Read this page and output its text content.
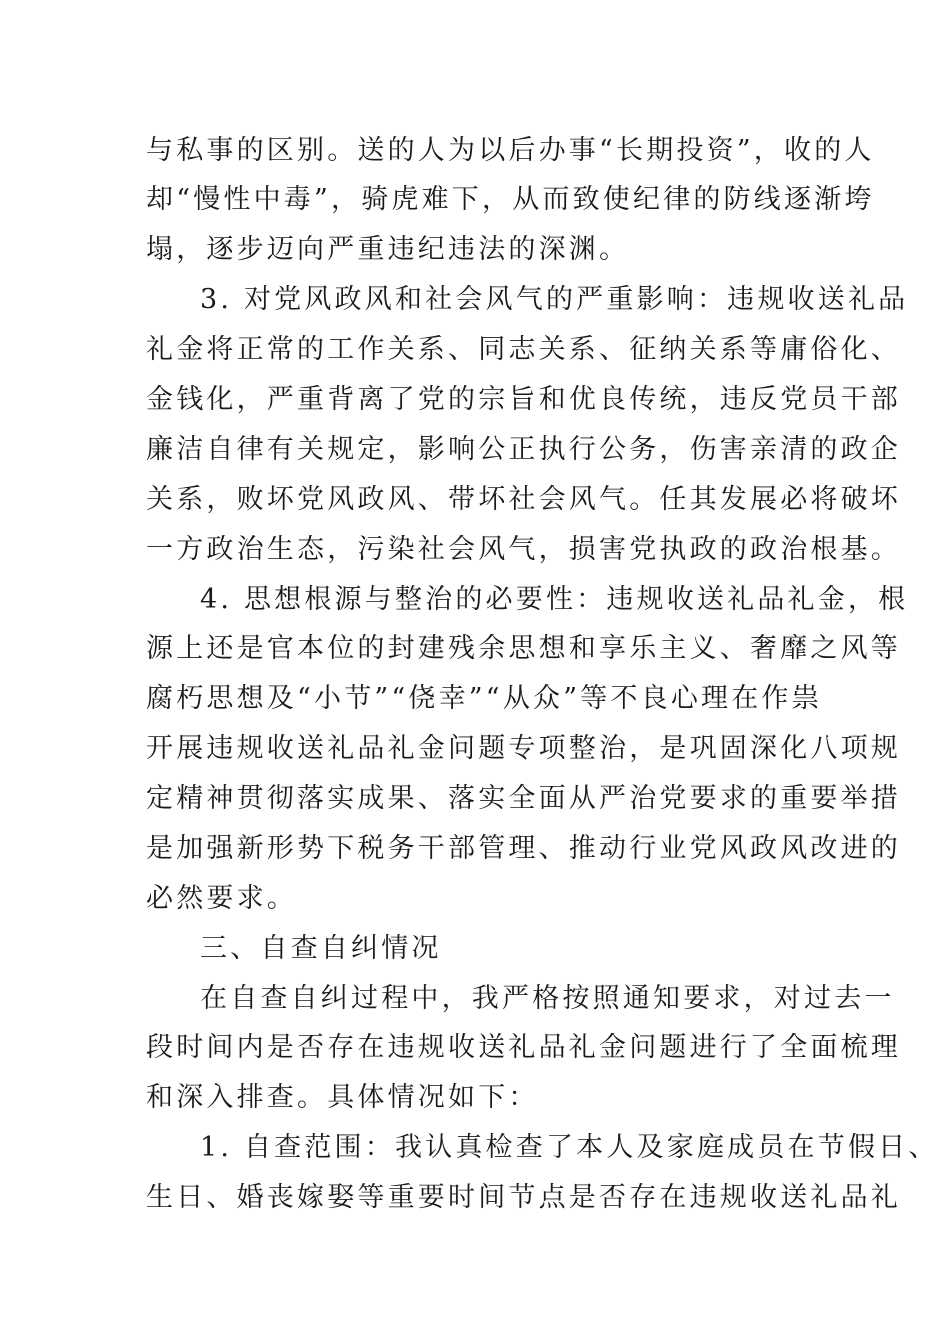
与私事的区别。送的人为以后办事“长期投资”，收的人
却“慢性中毒”，骑虎难下，从而致使纪律的防线逐渐垮
塌，逐步迈向严重违纪违法的深渊。
3. 对党风政风和社会风气的严重影响：违规收送礼品
礼金将正常的工作关系、同志关系、征纳关系等庸俗化、
金钱化，严重背离了党的宗旨和优良传统，违反党员干部
廉洁自律有关规定，影响公正执行公务，伤害亲清的政企
关系，败坏党风政风、带坏社会风气。任其发展必将破坏
一方政治生态，污染社会风气，损害党执政的政治根基。
4. 思想根源与整治的必要性：违规收送礼品礼金，根
源上还是官本位的封建残余思想和享乐主义、奢靡之风等
腐朽思想及“小节”“侥幸”“从众”等不良心理在作祟
开展违规收送礼品礼金问题专项整治，是巩固深化八项规
定精神贯彻落实成果、落实全面从严治党要求的重要举措
是加强新形势下税务干部管理、推动行业党风政风改进的
必然要求。
三、自查自纠情况
在自查自纠过程中，我严格按照通知要求，对过去一
段时间内是否存在违规收送礼品礼金问题进行了全面梳理
和深入排查。具体情况如下：
1. 自查范围：我认真检查了本人及家庭成员在节假日、
生日、婚丧嫁娶等重要时间节点是否存在违规收送礼品礼
